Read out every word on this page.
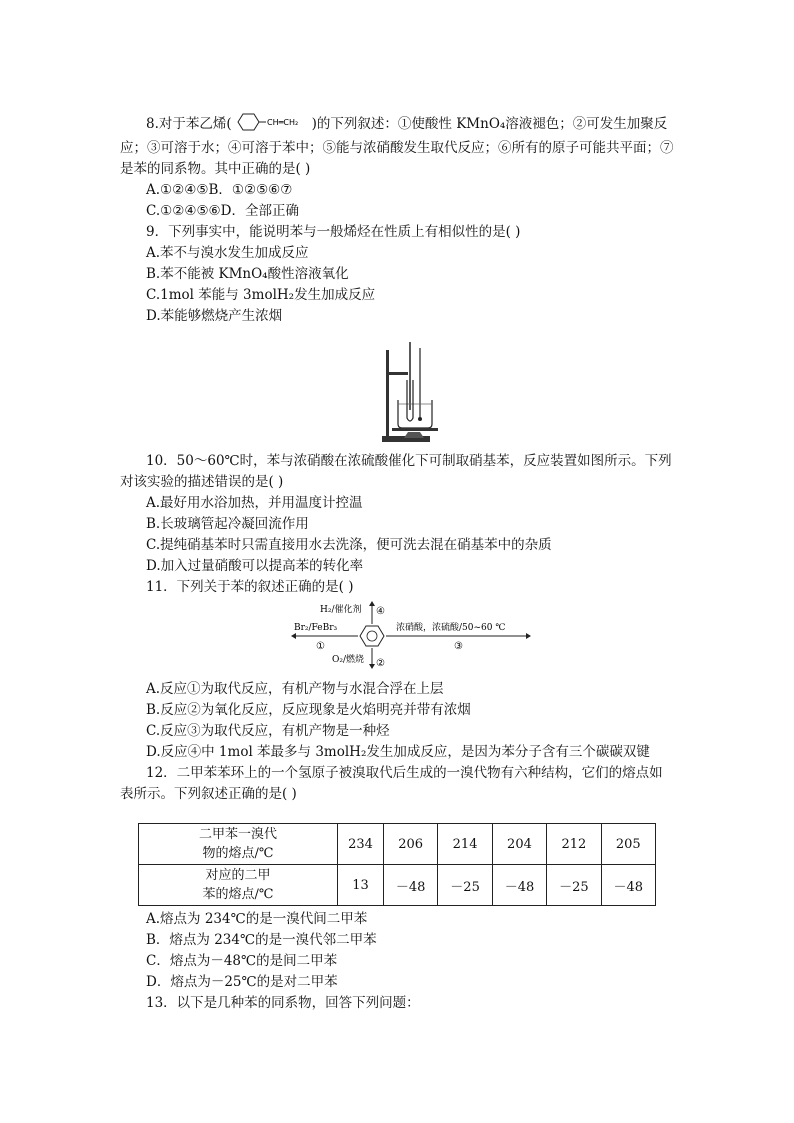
8.对于苯乙烯(	CH═CH₂ )的下列叙述：①使酸性 KMnO₄溶液褪色；②可发生加聚反
应；③可溶于水；④可溶于苯中；⑤能与浓硝酸发生取代反应；⑥所有的原子可能共平面；⑦
是苯的同系物。其中正确的是( )
A.①②④⑤B．①②⑤⑥⑦
C.①②④⑤⑥D．全部正确
9．下列事实中，能说明苯与一般烯烃在性质上有相似性的是( )
A.苯不与溴水发生加成反应
B.苯不能被 KMnO₄酸性溶液氧化
C.1mol 苯能与 3molH₂发生加成反应
D.苯能够燃烧产生浓烟
10．50～60℃时，苯与浓硝酸在浓硫酸催化下可制取硝基苯，反应装置如图所示。下列
对该实验的描述错误的是( )
A.最好用水浴加热，并用温度计控温
B.长玻璃管起冷凝回流作用
C.提纯硝基苯时只需直接用水去洗涤，便可洗去混在硝基苯中的杂质
D.加入过量硝酸可以提高苯的转化率
11．下列关于苯的叙述正确的是( )
H₂/催化剂 ④
Br₂/FeBr₃
①
O₂/燃烧 ②
浓硝酸，浓硫酸/50~60 ℃
③
A.反应①为取代反应，有机产物与水混合浮在上层
B.反应②为氧化反应，反应现象是火焰明亮并带有浓烟
C.反应③为取代反应，有机产物是一种烃
D.反应④中 1mol 苯最多与 3molH₂发生加成反应，是因为苯分子含有三个碳碳双键
12．二甲苯苯环上的一个氢原子被溴取代后生成的一溴代物有六种结构，它们的熔点如
表所示。下列叙述正确的是( )
二甲苯一溴代
物的熔点/℃	234	206	214	204	212	205

对应的二甲
苯的熔点/℃	13	－48	－25	－48	－25	－48
A.熔点为 234℃的是一溴代间二甲苯
B．熔点为 234℃的是一溴代邻二甲苯
C．熔点为－48℃的是间二甲苯
D．熔点为－25℃的是对二甲苯
13．以下是几种苯的同系物，回答下列问题：
